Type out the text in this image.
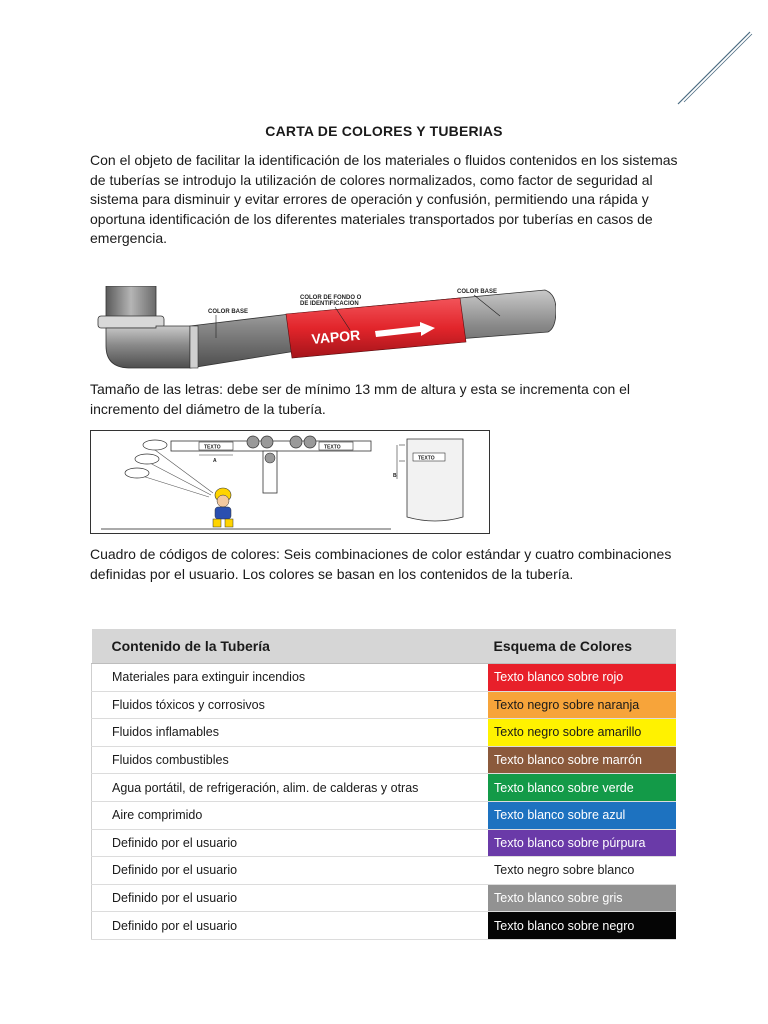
CARTA DE COLORES Y TUBERIAS

Con el objeto de facilitar la identificación de los materiales o fluidos contenidos en los sistemas de tuberías se introdujo la utilización de colores normalizados, como factor de seguridad al sistema para disminuir y evitar errores de operación y confusión, permitiendo una rápida y oportuna identificación de los diferentes materiales transportados por tuberías en casos de emergencia.

VAPOR
COLOR BASE
COLOR DE FONDO O
DE IDENTIFICACION
COLOR BASE

Tamaño de las letras: debe ser de mínimo 13 mm de altura y esta se incrementa con el incremento del diámetro de la tubería.

TEXTO	TEXTO
A
B
TEXTO

Cuadro de códigos de colores: Seis combinaciones de color estándar y cuatro combinaciones definidas por el usuario. Los colores se basan en los contenidos de la tubería.

Contenido de la Tubería	Esquema de Colores
Materiales para extinguir incendios	Texto blanco sobre rojo
Fluidos tóxicos y corrosivos	Texto negro sobre naranja
Fluidos inflamables	Texto negro sobre amarillo
Fluidos combustibles	Texto blanco sobre marrón
Agua portátil, de refrigeración, alim. de calderas y otras	Texto blanco sobre verde
Aire comprimido	Texto blanco sobre azul
Definido por el usuario	Texto blanco sobre púrpura
Definido por el usuario	Texto negro sobre blanco
Definido por el usuario	Texto blanco sobre gris
Definido por el usuario	Texto blanco sobre negro
